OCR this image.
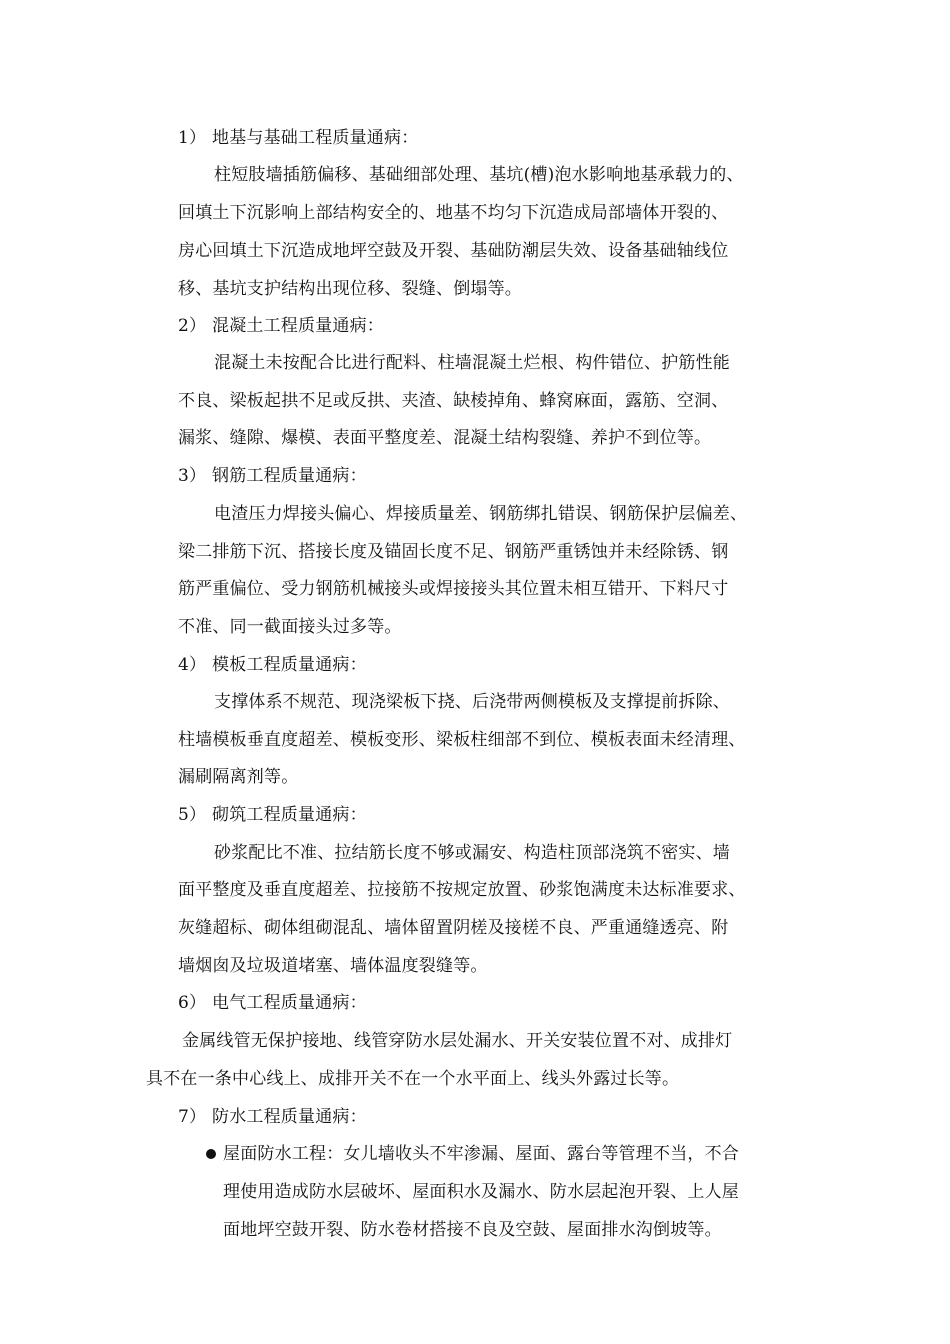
1） 地基与基础工程质量通病：
柱短肢墙插筋偏移、基础细部处理、基坑(槽)泡水影响地基承载力的、
回填土下沉影响上部结构安全的、地基不均匀下沉造成局部墙体开裂的、
房心回填土下沉造成地坪空鼓及开裂、基础防潮层失效、设备基础轴线位
移、基坑支护结构出现位移、裂缝、倒塌等。
2） 混凝土工程质量通病：
混凝土未按配合比进行配料、柱墙混凝土烂根、构件错位、护筋性能
不良、梁板起拱不足或反拱、夹渣、缺棱掉角、蜂窝麻面，露筋、空洞、
漏浆、缝隙、爆模、表面平整度差、混凝土结构裂缝、养护不到位等。
3） 钢筋工程质量通病：
电渣压力焊接头偏心、焊接质量差、钢筋绑扎错误、钢筋保护层偏差、
梁二排筋下沉、搭接长度及锚固长度不足、钢筋严重锈蚀并未经除锈、钢
筋严重偏位、受力钢筋机械接头或焊接接头其位置未相互错开、下料尺寸
不准、同一截面接头过多等。
4） 模板工程质量通病：
支撑体系不规范、现浇梁板下挠、后浇带两侧模板及支撑提前拆除、
柱墙模板垂直度超差、模板变形、梁板柱细部不到位、模板表面未经清理、
漏刷隔离剂等。
5） 砌筑工程质量通病：
砂浆配比不准、拉结筋长度不够或漏安、构造柱顶部浇筑不密实、墙
面平整度及垂直度超差、拉接筋不按规定放置、砂浆饱满度未达标准要求、
灰缝超标、砌体组砌混乱、墙体留置阴槎及接槎不良、严重通缝透亮、附
墙烟囱及垃圾道堵塞、墙体温度裂缝等。
6） 电气工程质量通病：
金属线管无保护接地、线管穿防水层处漏水、开关安装位置不对、成排灯
具不在一条中心线上、成排开关不在一个水平面上、线头外露过长等。
7） 防水工程质量通病：
屋面防水工程：女儿墙收头不牢渗漏、屋面、露台等管理不当，不合
理使用造成防水层破坏、屋面积水及漏水、防水层起泡开裂、上人屋
面地坪空鼓开裂、防水卷材搭接不良及空鼓、屋面排水沟倒坡等。
